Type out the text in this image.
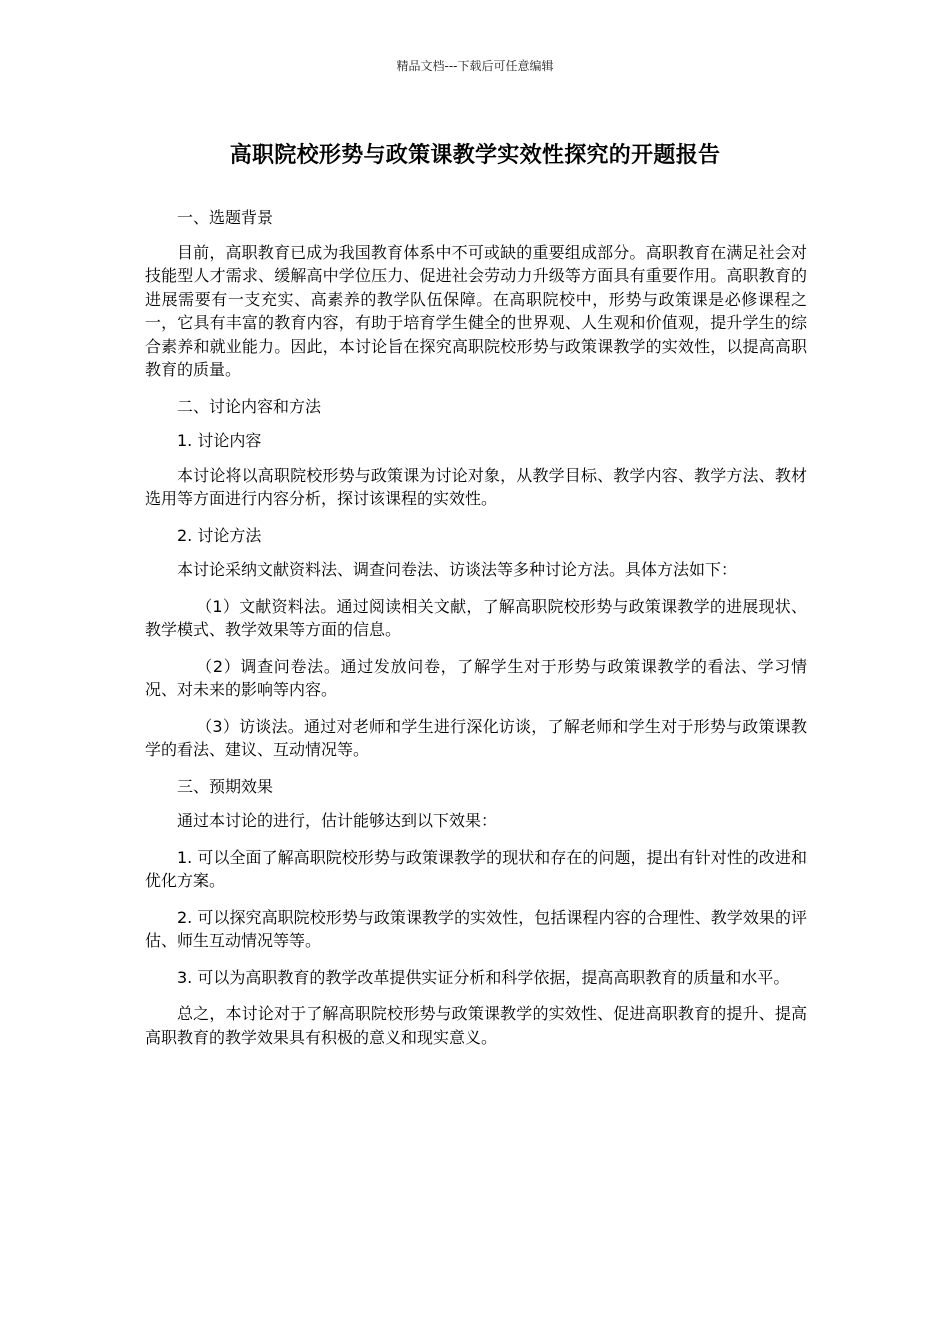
精品文档---下载后可任意编辑
高职院校形势与政策课教学实效性探究的开题报告

一、选题背景

目前，高职教育已成为我国教育体系中不可或缺的重要组成部分。高职教育在满足社会对技能型人才需求、缓解高中学位压力、促进社会劳动力升级等方面具有重要作用。高职教育的进展需要有一支充实、高素养的教学队伍保障。在高职院校中，形势与政策课是必修课程之一，它具有丰富的教育内容，有助于培育学生健全的世界观、人生观和价值观，提升学生的综合素养和就业能力。因此，本讨论旨在探究高职院校形势与政策课教学的实效性，以提高高职教育的质量。

二、讨论内容和方法

1. 讨论内容

本讨论将以高职院校形势与政策课为讨论对象，从教学目标、教学内容、教学方法、教材选用等方面进行内容分析，探讨该课程的实效性。

2. 讨论方法

本讨论采纳文献资料法、调查问卷法、访谈法等多种讨论方法。具体方法如下：

（1）文献资料法。通过阅读相关文献，了解高职院校形势与政策课教学的进展现状、教学模式、教学效果等方面的信息。

（2）调查问卷法。通过发放问卷，了解学生对于形势与政策课教学的看法、学习情况、对未来的影响等内容。

（3）访谈法。通过对老师和学生进行深化访谈，了解老师和学生对于形势与政策课教学的看法、建议、互动情况等。

三、预期效果

通过本讨论的进行，估计能够达到以下效果：

1. 可以全面了解高职院校形势与政策课教学的现状和存在的问题，提出有针对性的改进和优化方案。

2. 可以探究高职院校形势与政策课教学的实效性，包括课程内容的合理性、教学效果的评估、师生互动情况等等。

3. 可以为高职教育的教学改革提供实证分析和科学依据，提高高职教育的质量和水平。

总之，本讨论对于了解高职院校形势与政策课教学的实效性、促进高职教育的提升、提高高职教育的教学效果具有积极的意义和现实意义。
